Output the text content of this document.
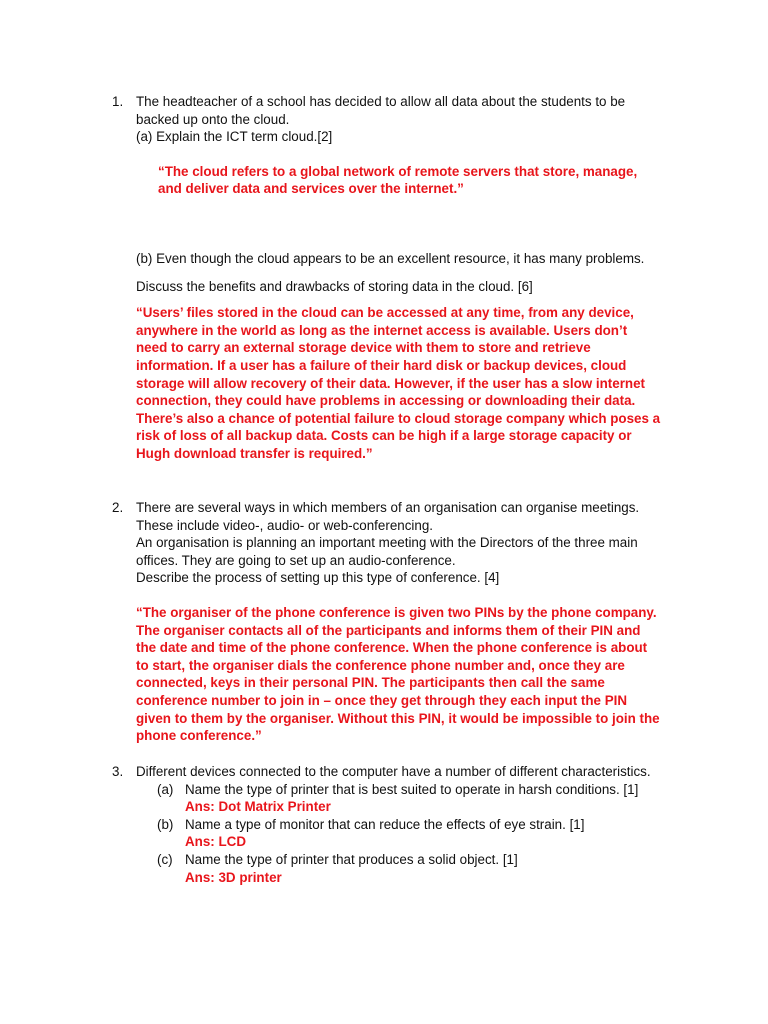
1. The headteacher of a school has decided to allow all data about the students to be
backed up onto the cloud.
(a) Explain the ICT term cloud.[2]
“The cloud refers to a global network of remote servers that store, manage,
and deliver data and services over the internet.”
(b) Even though the cloud appears to be an excellent resource, it has many problems.
Discuss the benefits and drawbacks of storing data in the cloud. [6]
“Users’ files stored in the cloud can be accessed at any time, from any device,
anywhere in the world as long as the internet access is available. Users don’t
need to carry an external storage device with them to store and retrieve
information. If a user has a failure of their hard disk or backup devices, cloud
storage will allow recovery of their data. However, if the user has a slow internet
connection, they could have problems in accessing or downloading their data.
There’s also a chance of potential failure to cloud storage company which poses a
risk of loss of all backup data. Costs can be high if a large storage capacity or
Hugh download transfer is required.”
2. There are several ways in which members of an organisation can organise meetings.
These include video-, audio- or web-conferencing.
An organisation is planning an important meeting with the Directors of the three main
offices. They are going to set up an audio-conference.
Describe the process of setting up this type of conference. [4]
“The organiser of the phone conference is given two PINs by the phone company.
The organiser contacts all of the participants and informs them of their PIN and
the date and time of the phone conference. When the phone conference is about
to start, the organiser dials the conference phone number and, once they are
connected, keys in their personal PIN. The participants then call the same
conference number to join in – once they get through they each input the PIN
given to them by the organiser. Without this PIN, it would be impossible to join the
phone conference.”
3. Different devices connected to the computer have a number of different characteristics.
(a) Name the type of printer that is best suited to operate in harsh conditions. [1]
Ans: Dot Matrix Printer
(b) Name a type of monitor that can reduce the effects of eye strain. [1]
Ans: LCD
(c) Name the type of printer that produces a solid object. [1]
Ans: 3D printer
